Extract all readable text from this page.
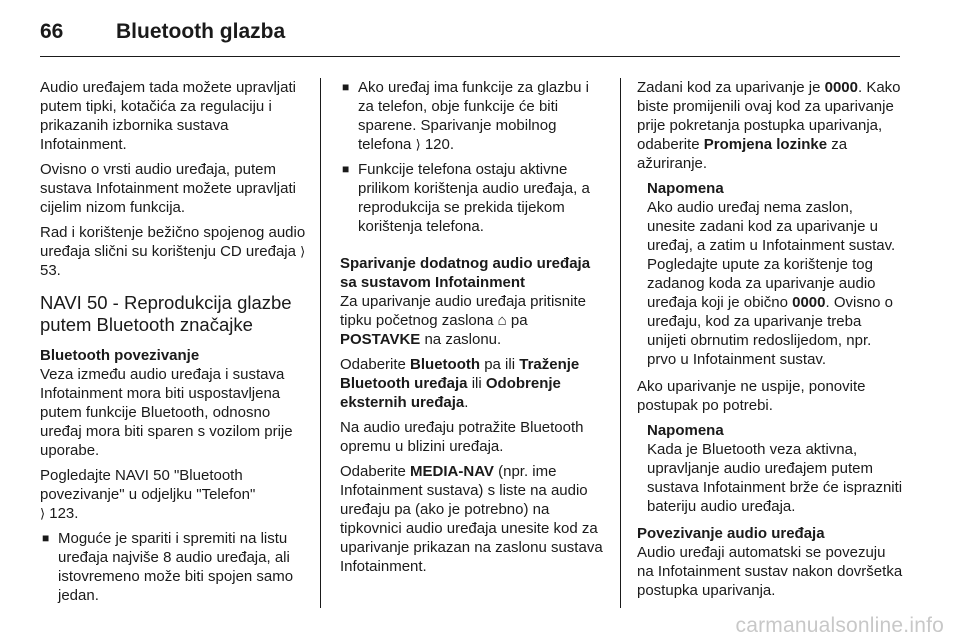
66	Bluetooth glazba

Audio uređajem tada možete upravljati putem tipki, kotačića za regulaciju i prikazanih izbornika sustava Infotainment.

Ovisno o vrsti audio uređaja, putem sustava Infotainment možete upravljati cijelim nizom funkcija.

Rad i korištenje bežično spojenog audio uređaja slični su korištenju CD uređaja ⟩ 53.

NAVI 50 - Reprodukcija glazbe putem Bluetooth značajke
Bluetooth povezivanje

Veza između audio uređaja i sustava Infotainment mora biti uspostavljena putem funkcije Bluetooth, odnosno uređaj mora biti sparen s vozilom prije uporabe.

Pogledajte NAVI 50 "Bluetooth povezivanje" u odjeljku "Telefon"
⟩ 123.

■ Moguće je spariti i spremiti na listu uređaja najviše 8 audio uređaja, ali istovremeno može biti spojen samo jedan.
■ Ako uređaj ima funkcije za glazbu i za telefon, obje funkcije će biti sparene. Sparivanje mobilnog telefona ⟩ 120.
■ Funkcije telefona ostaju aktivne prilikom korištenja audio uređaja, a reprodukcija se prekida tijekom korištenja telefona.
Sparivanje dodatnog audio uređaja sa sustavom Infotainment

Za uparivanje audio uređaja pritisnite tipku početnog zaslona ⌂ pa POSTAVKE na zaslonu.

Odaberite Bluetooth pa ili Traženje Bluetooth uređaja ili Odobrenje eksternih uređaja.

Na audio uređaju potražite Bluetooth opremu u blizini uređaja.

Odaberite MEDIA-NAV (npr. ime Infotainment sustava) s liste na audio uređaju pa (ako je potrebno) na tipkovnici audio uređaja unesite kod za uparivanje prikazan na zaslonu sustava Infotainment.

Zadani kod za uparivanje je 0000. Kako biste promijenili ovaj kod za uparivanje prije pokretanja postupka uparivanja, odaberite Promjena lozinke za ažuriranje.

Napomena
Ako audio uređaj nema zaslon, unesite zadani kod za uparivanje u uređaj, a zatim u Infotainment sustav. Pogledajte upute za korištenje tog zadanog koda za uparivanje audio uređaja koji je obično 0000. Ovisno o uređaju, kod za uparivanje treba unijeti obrnutim redoslijedom, npr. prvo u Infotainment sustav.

Ako uparivanje ne uspije, ponovite postupak po potrebi.

Napomena
Kada je Bluetooth veza aktivna, upravljanje audio uređajem putem sustava Infotainment brže će isprazniti bateriju audio uređaja.
Povezivanje audio uređaja

Audio uređaji automatski se povezuju na Infotainment sustav nakon dovršetka postupka uparivanja.

carmanualsonline.info
